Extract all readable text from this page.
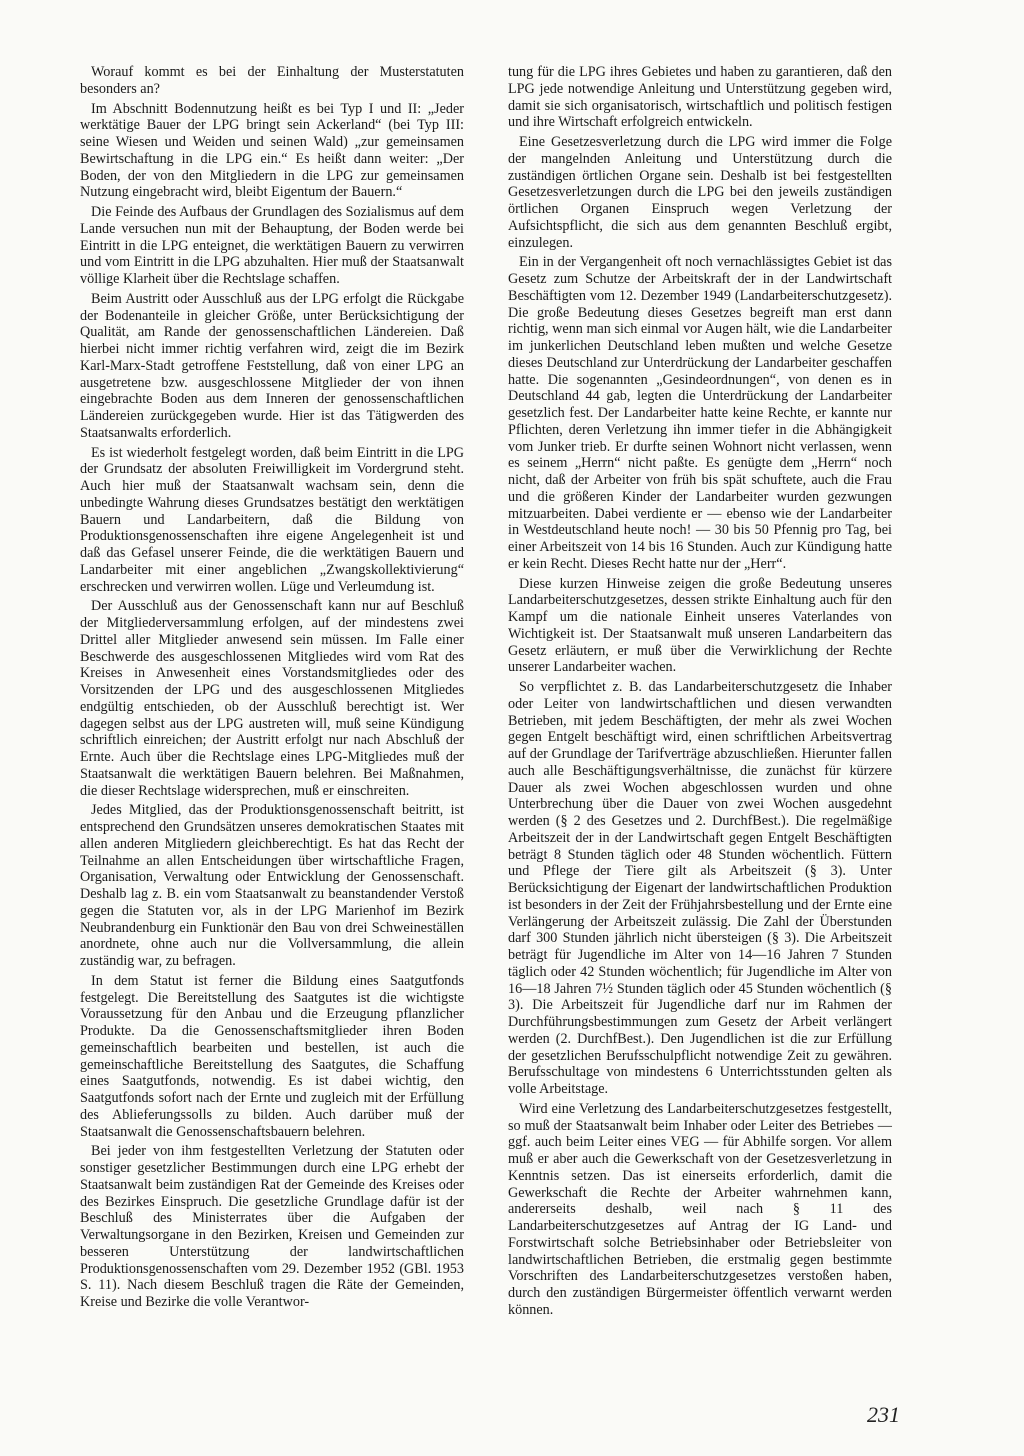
Worauf kommt es bei der Einhaltung der Musterstatuten besonders an?

Im Abschnitt Bodennutzung heißt es bei Typ I und II: „Jeder werktätige Bauer der LPG bringt sein Ackerland“ (bei Typ III: seine Wiesen und Weiden und seinen Wald) „zur gemeinsamen Bewirtschaftung in die LPG ein.“ Es heißt dann weiter: „Der Boden, der von den Mitgliedern in die LPG zur gemeinsamen Nutzung eingebracht wird, bleibt Eigentum der Bauern.“

Die Feinde des Aufbaus der Grundlagen des Sozialismus auf dem Lande versuchen nun mit der Behauptung, der Boden werde bei Eintritt in die LPG enteignet, die werktätigen Bauern zu verwirren und vom Eintritt in die LPG abzuhalten. Hier muß der Staatsanwalt völlige Klarheit über die Rechtslage schaffen.

Beim Austritt oder Ausschluß aus der LPG erfolgt die Rückgabe der Bodenanteile in gleicher Größe, unter Berücksichtigung der Qualität, am Rande der genossenschaftlichen Ländereien. Daß hierbei nicht immer richtig verfahren wird, zeigt die im Bezirk Karl-Marx-Stadt getroffene Feststellung, daß von einer LPG an ausgetretene bzw. ausgeschlossene Mitglieder der von ihnen eingebrachte Boden aus dem Inneren der genossenschaftlichen Ländereien zurückgegeben wurde. Hier ist das Tätigwerden des Staatsanwalts erforderlich.

Es ist wiederholt festgelegt worden, daß beim Eintritt in die LPG der Grundsatz der absoluten Freiwilligkeit im Vordergrund steht. Auch hier muß der Staatsanwalt wachsam sein, denn die unbedingte Wahrung dieses Grundsatzes bestätigt den werktätigen Bauern und Landarbeitern, daß die Bildung von Produktionsgenossenschaften ihre eigene Angelegenheit ist und daß das Gefasel unserer Feinde, die die werktätigen Bauern und Landarbeiter mit einer angeblichen „Zwangskollektivierung“ erschrecken und verwirren wollen. Lüge und Verleumdung ist.

Der Ausschluß aus der Genossenschaft kann nur auf Beschluß der Mitgliederversammlung erfolgen, auf der mindestens zwei Drittel aller Mitglieder anwesend sein müssen. Im Falle einer Beschwerde des ausgeschlossenen Mitgliedes wird vom Rat des Kreises in Anwesenheit eines Vorstandsmitgliedes oder des Vorsitzenden der LPG und des ausgeschlossenen Mitgliedes endgültig entschieden, ob der Ausschluß berechtigt ist. Wer dagegen selbst aus der LPG austreten will, muß seine Kündigung schriftlich einreichen; der Austritt erfolgt nur nach Abschluß der Ernte. Auch über die Rechtslage eines LPG-Mitgliedes muß der Staatsanwalt die werktätigen Bauern belehren. Bei Maßnahmen, die dieser Rechtslage widersprechen, muß er einschreiten.

Jedes Mitglied, das der Produktionsgenossenschaft beitritt, ist entsprechend den Grundsätzen unseres demokratischen Staates mit allen anderen Mitgliedern gleichberechtigt. Es hat das Recht der Teilnahme an allen Entscheidungen über wirtschaftliche Fragen, Organisation, Verwaltung oder Entwicklung der Genossenschaft. Deshalb lag z. B. ein vom Staatsanwalt zu beanstandender Verstoß gegen die Statuten vor, als in der LPG Marienhof im Bezirk Neubrandenburg ein Funktionär den Bau von drei Schweineställen anordnete, ohne auch nur die Vollversammlung, die allein zuständig war, zu befragen.

In dem Statut ist ferner die Bildung eines Saatgutfonds festgelegt. Die Bereitstellung des Saatgutes ist die wichtigste Voraussetzung für den Anbau und die Erzeugung pflanzlicher Produkte. Da die Genossenschaftsmitglieder ihren Boden gemeinschaftlich bearbeiten und bestellen, ist auch die gemeinschaftliche Bereitstellung des Saatgutes, die Schaffung eines Saatgutfonds, notwendig. Es ist dabei wichtig, den Saatgutfonds sofort nach der Ernte und zugleich mit der Erfüllung des Ablieferungssolls zu bilden. Auch darüber muß der Staatsanwalt die Genossenschaftsbauern belehren.

Bei jeder von ihm festgestellten Verletzung der Statuten oder sonstiger gesetzlicher Bestimmungen durch eine LPG erhebt der Staatsanwalt beim zuständigen Rat der Gemeinde des Kreises oder des Bezirkes Einspruch. Die gesetzliche Grundlage dafür ist der Beschluß des Ministerrates über die Aufgaben der Verwaltungsorgane in den Bezirken, Kreisen und Gemeinden zur besseren Unterstützung der landwirtschaftlichen Produktionsgenossenschaften vom 29. Dezember 1952 (GBl. 1953 S. 11). Nach diesem Beschluß tragen die Räte der Gemeinden, Kreise und Bezirke die volle Verantwor-

tung für die LPG ihres Gebietes und haben zu garantieren, daß den LPG jede notwendige Anleitung und Unterstützung gegeben wird, damit sie sich organisatorisch, wirtschaftlich und politisch festigen und ihre Wirtschaft erfolgreich entwickeln.

Eine Gesetzesverletzung durch die LPG wird immer die Folge der mangelnden Anleitung und Unterstützung durch die zuständigen örtlichen Organe sein. Deshalb ist bei festgestellten Gesetzesverletzungen durch die LPG bei den jeweils zuständigen örtlichen Organen Einspruch wegen Verletzung der Aufsichtspflicht, die sich aus dem genannten Beschluß ergibt, einzulegen.

Ein in der Vergangenheit oft noch vernachlässigtes Gebiet ist das Gesetz zum Schutze der Arbeitskraft der in der Landwirtschaft Beschäftigten vom 12. Dezember 1949 (Landarbeiterschutzgesetz). Die große Bedeutung dieses Gesetzes begreift man erst dann richtig, wenn man sich einmal vor Augen hält, wie die Landarbeiter im junkerlichen Deutschland leben mußten und welche Gesetze dieses Deutschland zur Unterdrückung der Landarbeiter geschaffen hatte. Die sogenannten „Gesindeordnungen“, von denen es in Deutschland 44 gab, legten die Unterdrückung der Landarbeiter gesetzlich fest. Der Landarbeiter hatte keine Rechte, er kannte nur Pflichten, deren Verletzung ihn immer tiefer in die Abhängigkeit vom Junker trieb. Er durfte seinen Wohnort nicht verlassen, wenn es seinem „Herrn“ nicht paßte. Es genügte dem „Herrn“ noch nicht, daß der Arbeiter von früh bis spät schuftete, auch die Frau und die größeren Kinder der Landarbeiter wurden gezwungen mitzuarbeiten. Dabei verdiente er — ebenso wie der Landarbeiter in Westdeutschland heute noch! — 30 bis 50 Pfennig pro Tag, bei einer Arbeitszeit von 14 bis 16 Stunden. Auch zur Kündigung hatte er kein Recht. Dieses Recht hatte nur der „Herr“.

Diese kurzen Hinweise zeigen die große Bedeutung unseres Landarbeiterschutzgesetzes, dessen strikte Einhaltung auch für den Kampf um die nationale Einheit unseres Vaterlandes von Wichtigkeit ist. Der Staatsanwalt muß unseren Landarbeitern das Gesetz erläutern, er muß über die Verwirklichung der Rechte unserer Landarbeiter wachen.

So verpflichtet z. B. das Landarbeiterschutzgesetz die Inhaber oder Leiter von landwirtschaftlichen und diesen verwandten Betrieben, mit jedem Beschäftigten, der mehr als zwei Wochen gegen Entgelt beschäftigt wird, einen schriftlichen Arbeitsvertrag auf der Grundlage der Tarifverträge abzuschließen. Hierunter fallen auch alle Beschäftigungsverhältnisse, die zunächst für kürzere Dauer als zwei Wochen abgeschlossen wurden und ohne Unterbrechung über die Dauer von zwei Wochen ausgedehnt werden (§ 2 des Gesetzes und 2. DurchfBest.). Die regelmäßige Arbeitszeit der in der Landwirtschaft gegen Entgelt Beschäftigten beträgt 8 Stunden täglich oder 48 Stunden wöchentlich. Füttern und Pflege der Tiere gilt als Arbeitszeit (§ 3). Unter Berücksichtigung der Eigenart der landwirtschaftlichen Produktion ist besonders in der Zeit der Frühjahrsbestellung und der Ernte eine Verlängerung der Arbeitszeit zulässig. Die Zahl der Überstunden darf 300 Stunden jährlich nicht übersteigen (§ 3). Die Arbeitszeit beträgt für Jugendliche im Alter von 14—16 Jahren 7 Stunden täglich oder 42 Stunden wöchentlich; für Jugendliche im Alter von 16—18 Jahren 7½ Stunden täglich oder 45 Stunden wöchentlich (§ 3). Die Arbeitszeit für Jugendliche darf nur im Rahmen der Durchführungsbestimmungen zum Gesetz der Arbeit verlängert werden (2. DurchfBest.). Den Jugendlichen ist die zur Erfüllung der gesetzlichen Berufsschulpflicht notwendige Zeit zu gewähren. Berufsschultage von mindestens 6 Unterrichtsstunden gelten als volle Arbeitstage.

Wird eine Verletzung des Landarbeiterschutzgesetzes festgestellt, so muß der Staatsanwalt beim Inhaber oder Leiter des Betriebes — ggf. auch beim Leiter eines VEG — für Abhilfe sorgen. Vor allem muß er aber auch die Gewerkschaft von der Gesetzesverletzung in Kenntnis setzen. Das ist einerseits erforderlich, damit die Gewerkschaft die Rechte der Arbeiter wahrnehmen kann, andererseits deshalb, weil nach § 11 des Landarbeiterschutzgesetzes auf Antrag der IG Land- und Forstwirtschaft solche Betriebsinhaber oder Betriebsleiter von landwirtschaftlichen Betrieben, die erstmalig gegen bestimmte Vorschriften des Landarbeiterschutzgesetzes verstoßen haben, durch den zuständigen Bürgermeister öffentlich verwarnt werden können.

231
